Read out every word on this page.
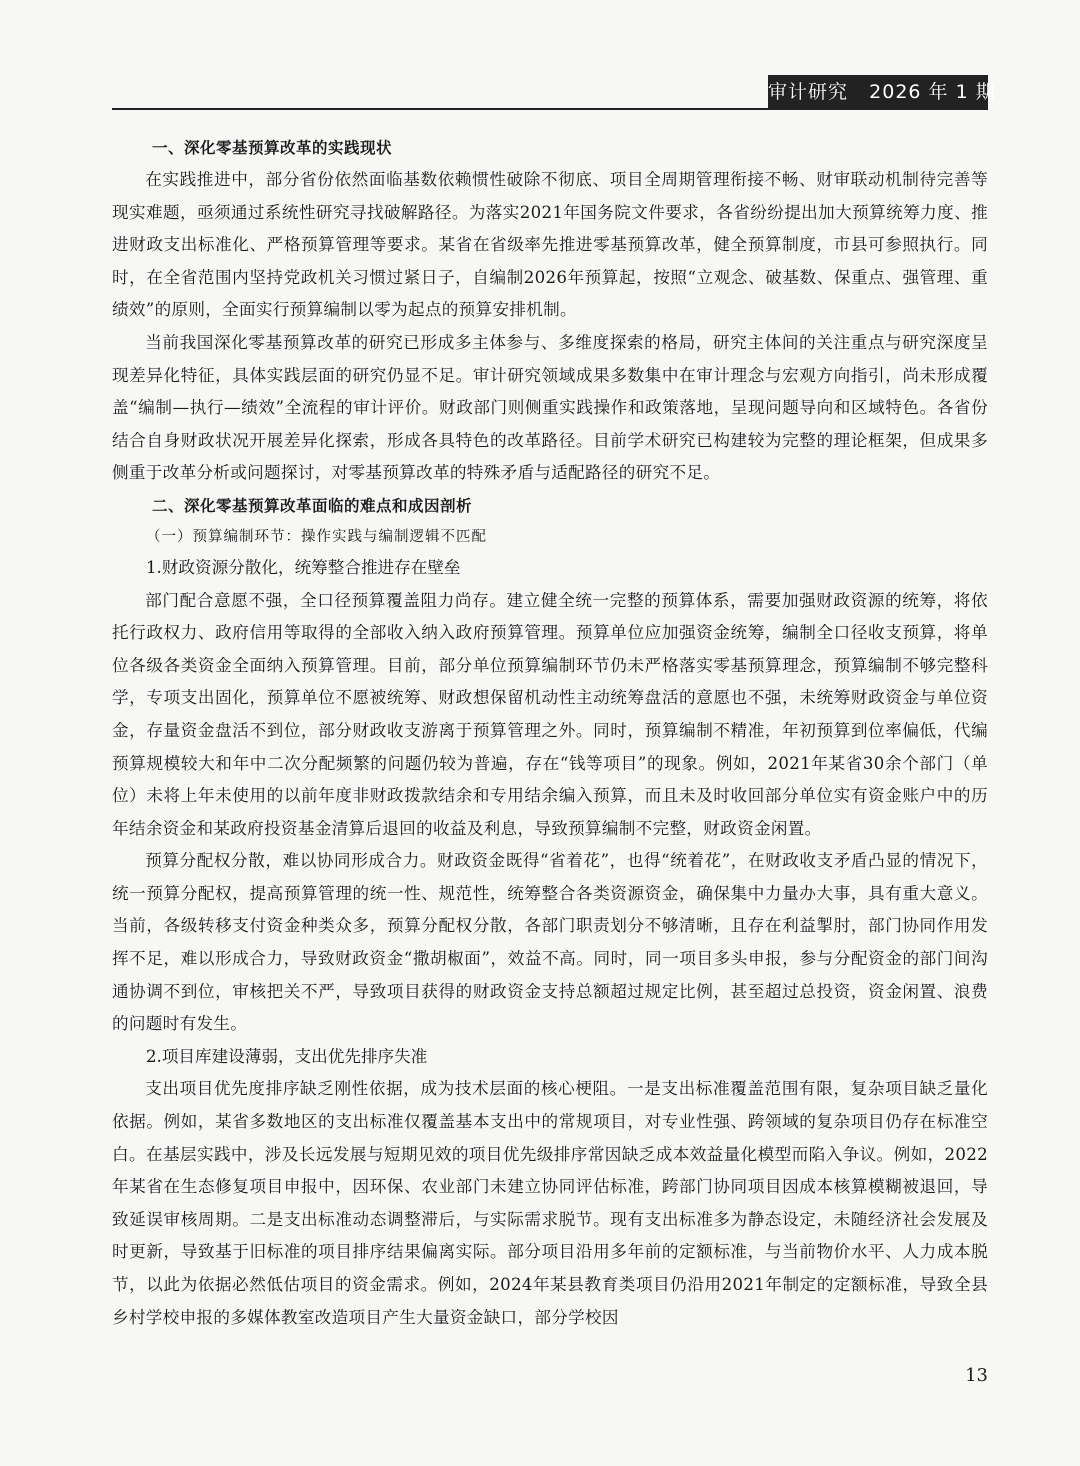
审计研究 2026 年 1 期
一、深化零基预算改革的实践现状

在实践推进中，部分省份依然面临基数依赖惯性破除不彻底、项目全周期管理衔接不畅、财审联动机制待完善等现实难题，亟须通过系统性研究寻找破解路径。为落实2021年国务院文件要求，各省纷纷提出加大预算统筹力度、推进财政支出标准化、严格预算管理等要求。某省在省级率先推进零基预算改革，健全预算制度，市县可参照执行。同时，在全省范围内坚持党政机关习惯过紧日子，自编制2026年预算起，按照“立观念、破基数、保重点、强管理、重绩效”的原则，全面实行预算编制以零为起点的预算安排机制。

当前我国深化零基预算改革的研究已形成多主体参与、多维度探索的格局，研究主体间的关注重点与研究深度呈现差异化特征，具体实践层面的研究仍显不足。审计研究领域成果多数集中在审计理念与宏观方向指引，尚未形成覆盖“编制—执行—绩效”全流程的审计评价。财政部门则侧重实践操作和政策落地，呈现问题导向和区域特色。各省份结合自身财政状况开展差异化探索，形成各具特色的改革路径。目前学术研究已构建较为完整的理论框架，但成果多侧重于改革分析或问题探讨，对零基预算改革的特殊矛盾与适配路径的研究不足。

二、深化零基预算改革面临的难点和成因剖析
（一）预算编制环节：操作实践与编制逻辑不匹配
1.财政资源分散化，统筹整合推进存在壁垒

部门配合意愿不强，全口径预算覆盖阻力尚存。建立健全统一完整的预算体系，需要加强财政资源的统筹，将依托行政权力、政府信用等取得的全部收入纳入政府预算管理。预算单位应加强资金统筹，编制全口径收支预算，将单位各级各类资金全面纳入预算管理。目前，部分单位预算编制环节仍未严格落实零基预算理念，预算编制不够完整科学，专项支出固化，预算单位不愿被统筹、财政想保留机动性主动统筹盘活的意愿也不强，未统筹财政资金与单位资金，存量资金盘活不到位，部分财政收支游离于预算管理之外。同时，预算编制不精准，年初预算到位率偏低，代编预算规模较大和年中二次分配频繁的问题仍较为普遍，存在“钱等项目”的现象。例如，2021年某省30余个部门（单位）未将上年未使用的以前年度非财政拨款结余和专用结余编入预算，而且未及时收回部分单位实有资金账户中的历年结余资金和某政府投资基金清算后退回的收益及利息，导致预算编制不完整，财政资金闲置。

预算分配权分散，难以协同形成合力。财政资金既得“省着花”，也得“统着花”，在财政收支矛盾凸显的情况下，统一预算分配权，提高预算管理的统一性、规范性，统筹整合各类资源资金，确保集中力量办大事，具有重大意义。当前，各级转移支付资金种类众多，预算分配权分散，各部门职责划分不够清晰，且存在利益掣肘，部门协同作用发挥不足，难以形成合力，导致财政资金“撒胡椒面”，效益不高。同时，同一项目多头申报，参与分配资金的部门间沟通协调不到位，审核把关不严，导致项目获得的财政资金支持总额超过规定比例，甚至超过总投资，资金闲置、浪费的问题时有发生。

2.项目库建设薄弱，支出优先排序失准

支出项目优先度排序缺乏刚性依据，成为技术层面的核心梗阻。一是支出标准覆盖范围有限，复杂项目缺乏量化依据。例如，某省多数地区的支出标准仅覆盖基本支出中的常规项目，对专业性强、跨领域的复杂项目仍存在标准空白。在基层实践中，涉及长远发展与短期见效的项目优先级排序常因缺乏成本效益量化模型而陷入争议。例如，2022年某省在生态修复项目申报中，因环保、农业部门未建立协同评估标准，跨部门协同项目因成本核算模糊被退回，导致延误审核周期。二是支出标准动态调整滞后，与实际需求脱节。现有支出标准多为静态设定，未随经济社会发展及时更新，导致基于旧标准的项目排序结果偏离实际。部分项目沿用多年前的定额标准，与当前物价水平、人力成本脱节，以此为依据必然低估项目的资金需求。例如，2024年某县教育类项目仍沿用2021年制定的定额标准，导致全县乡村学校申报的多媒体教室改造项目产生大量资金缺口，部分学校因

13
